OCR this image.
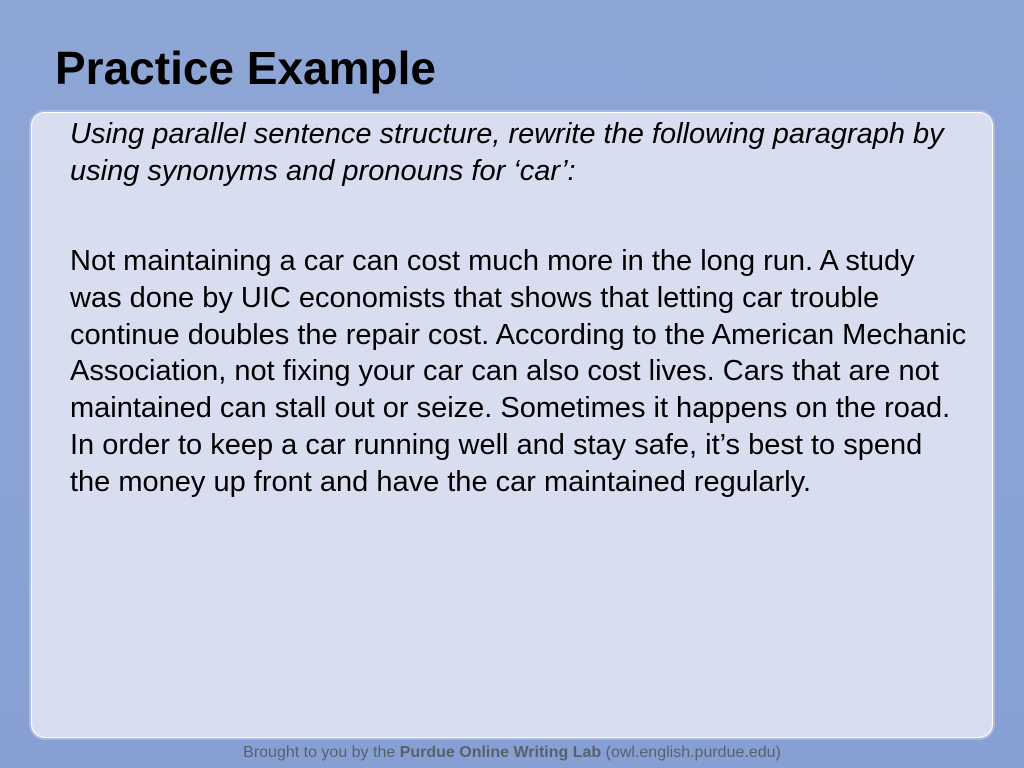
Practice Example

Using parallel sentence structure, rewrite the following paragraph by using synonyms and pronouns for ‘car’:

Not maintaining a car can cost much more in the long run. A study was done by UIC economists that shows that letting car trouble continue doubles the repair cost. According to the American Mechanic Association, not fixing your car can also cost lives. Cars that are not maintained can stall out or seize. Sometimes it happens on the road. In order to keep a car running well and stay safe, it’s best to spend the money up front and have the car maintained regularly.

Brought to you by the Purdue Online Writing Lab (owl.english.purdue.edu)
